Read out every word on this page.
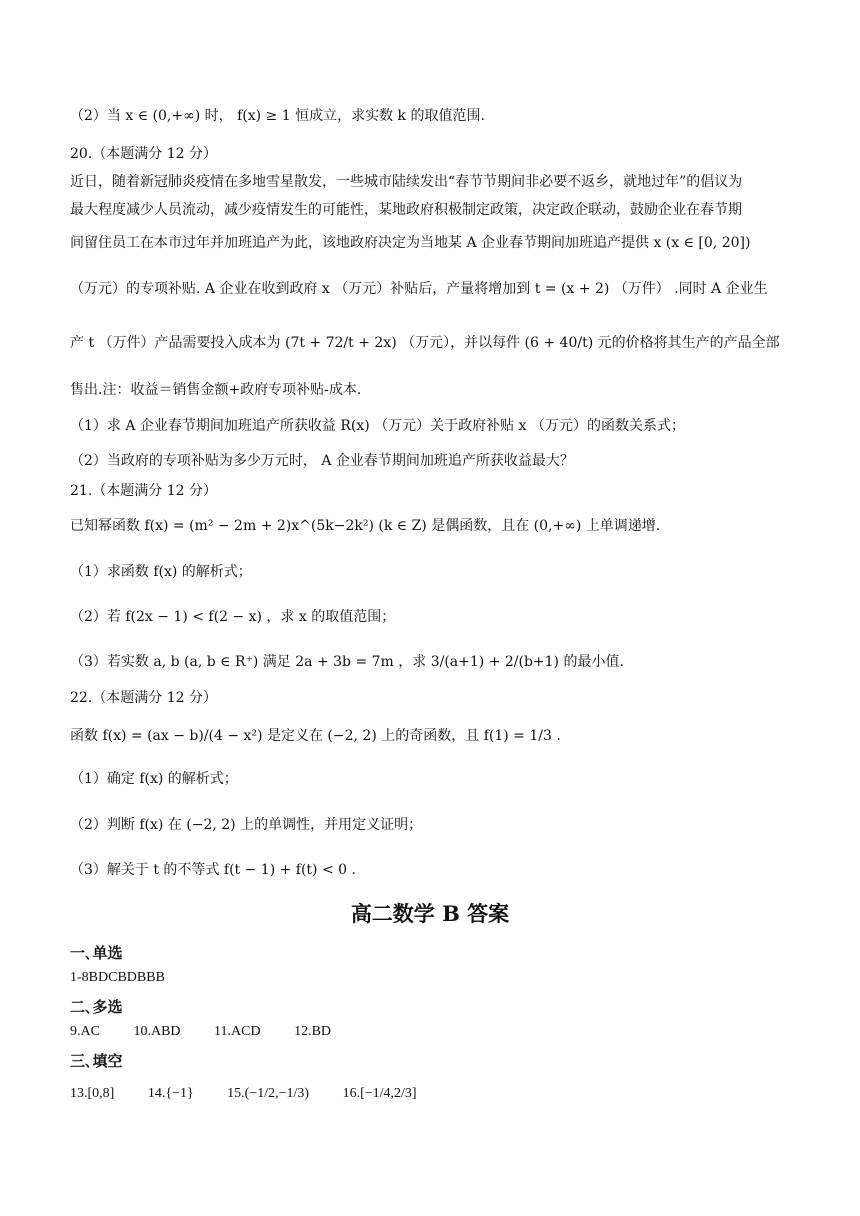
（2）当 x ∈ (0,+∞) 时， f(x) ≥ 1 恒成立，求实数 k 的取值范围.
20.（本题满分 12 分）
近日，随着新冠肺炎疫情在多地雪星散发，一些城市陆续发出“春节节期间非必要不返乡，就地过年”的倡议为
最大程度减少人员流动，减少疫情发生的可能性，某地政府积极制定政策，决定政企联动，鼓励企业在春节期
间留住员工在本市过年并加班追产为此，该地政府决定为当地某 A 企业春节期间加班追产提供 x (x ∈ [0, 20])
（万元）的专项补贴. A 企业在收到政府 x （万元）补贴后，产量将增加到 t = (x + 2) （万件） .同时 A 企业生
产 t （万件）产品需要投入成本为 (7t + 72/t + 2x) （万元），并以每件 (6 + 40/t) 元的价格将其生产的产品全部
售出.注：收益＝销售金额+政府专项补贴-成本.
（1）求 A 企业春节期间加班追产所获收益 R(x) （万元）关于政府补贴 x （万元）的函数关系式；
（2）当政府的专项补贴为多少万元时， A 企业春节期间加班追产所获收益最大？
21.（本题满分 12 分）
已知幂函数 f(x) = (m² − 2m + 2)x^(5k−2k²) (k ∈ Z) 是偶函数，且在 (0,+∞) 上单调递增.
（1）求函数 f(x) 的解析式；
（2）若 f(2x − 1) < f(2 − x) ，求 x 的取值范围；
（3）若实数 a, b (a, b ∈ R⁺) 满足 2a + 3b = 7m ，求 3/(a+1) + 2/(b+1) 的最小值.
22.（本题满分 12 分）
函数 f(x) = (ax − b)/(4 − x²) 是定义在 (−2, 2) 上的奇函数，且 f(1) = 1/3 .
（1）确定 f(x) 的解析式；
（2）判断 f(x) 在 (−2, 2) 上的单调性，并用定义证明；
（3）解关于 t 的不等式 f(t − 1) + f(t) < 0 .
高二数学 B 答案
一､单选
1-8BDCBDBBB
二､多选
9.AC 10.ABD 11.ACD 12.BD
三､填空
13.[0,8] 14.{−1} 15.(−1/2,−1/3) 16.[−1/4,2/3]
